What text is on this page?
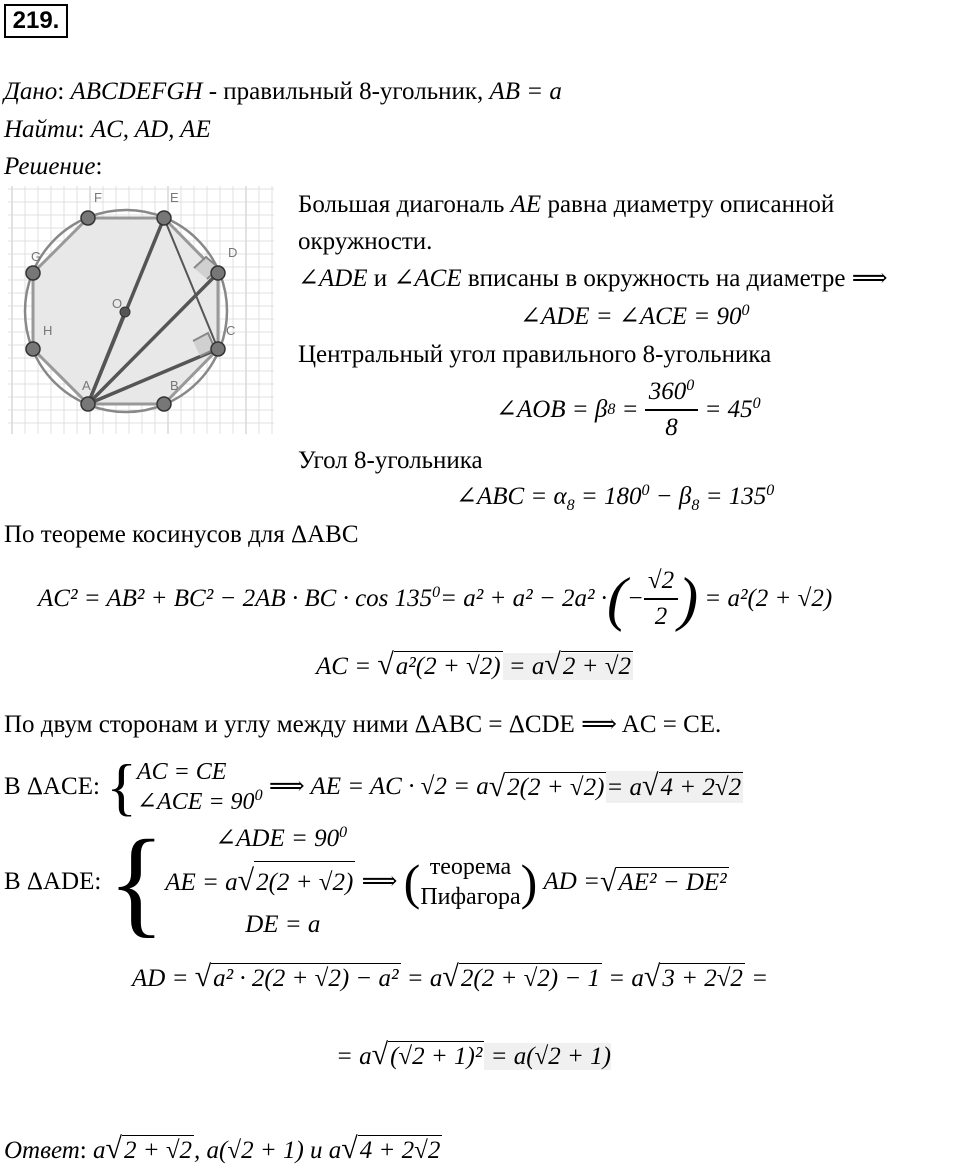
219.
Дано: ABCDEFGH - правильный 8-угольник, AB = a
Найти: AC, AD, AE
Решение:
O
A	B
C
D
E
F
G
H
Большая диагональ AE равна диаметру описанной
окружности.
∠ADE и ∠ACE вписаны в окружность на диаметре ⟹
∠ADE = ∠ACE = $90^0$
Центральный угол правильного 8-угольника
∠AOB = β $8 = \frac{360^0}{8}$
= $45^0$
Угол 8-угольника
∠ABC = $\alpha_8 = 180^0 - \beta_8 = 135^0$
По теореме косинусов для ΔABC
AC² = AB² + BC² − 2AB · BC · $\cos 135^0 = a^2 + a^2 - 2a^2$ · ( − $\frac{√2}{2}$ )
= a²(2 + √2)
AC = √a²(2 + √2) = a√2 + √2
По двум сторонам и углу между ними ΔABC = ΔCDE ⟹ AC = CE.
В ΔACE:
{ AC = CE
∠ACE = $90^0$
⟹ AE = AC · √2 = a √ 2(2 + √2) = a√4 + 2√2
В ΔADE:
{	∠ADE = $90^0$
AE = a√2(2 + √2)
DE = a

⟹
( теорема
Пифагора )
AD = √ AE² − DE²
AD = √a² · 2(2 + √2) − a² = a√2(2 + √2) − 1 = a√3 + 2√2 =
= a√(√2 + 1)² = a(√2 + 1)
Ответ: a√2 + √2, a(√2 + 1) и a√4 + 2√2
